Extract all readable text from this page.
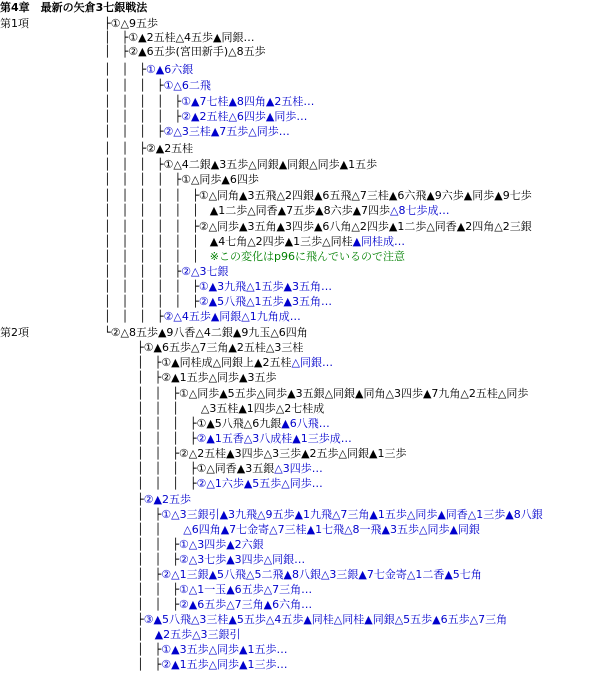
第4章　最新の矢倉3七銀戦法
第1項	├①△9五歩
│　├①▲2五桂△4五歩▲同銀…
│　├②▲6五歩(宮田新手)△8五歩
│　│　├①▲6六銀
│　│　│　├①△6二飛
│　│　│　│　├①▲7七桂▲8四角▲2五桂…
│　│　│　│　├②▲2五桂△6四歩▲同歩…
│　│　│　├②△3三桂▲7五歩△同歩…
│　│　├②▲2五桂
│　│　│　├①△4二銀▲3五歩△同銀▲同銀△同歩▲1五歩
│　│　│　│　├①△同歩▲6四歩
│　│　│　│　│　├①△同角▲3五飛△2四銀▲6五飛△7三桂▲6六飛▲9六歩▲同歩▲9七歩
│　│　│　│　│　│　▲1二歩△同香▲7五歩▲8六歩▲7四歩△8七歩成…
│　│　│　│　│　├②△同歩▲3五角▲3四歩▲6八角△2四歩▲1二歩△同香▲2四角△2三銀
│　│　│　│　│　│　▲4七角△2四歩▲1三歩△同桂▲同桂成…
│　│　│　│　│　│　※この変化はp96に飛んでいるので注意
│　│　│　│　├②△3七銀
│　│　│　│　│　├①▲3九飛△1五歩▲3五角…
│　│　│　│　│　├②▲5八飛△1五歩▲3五角…
│　│　│　├②△4五歩▲同銀△1九角成…
第2項	└②△8五歩▲9八香△4二銀▲9九玉△6四角
　　　├①▲6五歩△7三角▲2五桂△3三桂
　　　│　├①▲同桂成△同銀上▲2五桂△同銀…
　　　│　├②▲1五歩△同歩▲3五歩
　　　│　│　├①△同歩▲5五歩△同歩▲3五銀△同銀▲同角△3四歩▲7九角△2五桂△同歩
　　　│　│　│　　△3五桂▲1四歩△2七桂成
　　　│　│　│　├①▲5八飛△6九銀▲6八飛…
　　　│　│　│　├②▲1五香△3八成桂▲1三歩成…
　　　│　│　├②△2五桂▲3四歩△3三歩▲2五歩△同銀▲1三歩
　　　│　│　│　├①△同香▲3五銀△3四歩…
　　　│　│　│　├②△1六歩▲5五歩△同歩…
　　　├②▲2五歩
　　　│　├①△3三銀引▲3九飛△9五歩▲1九飛△7三角▲1五歩△同歩▲同香△1三歩▲8八銀
　　　│　│　　△6四角▲7七金寄△7三桂▲1七飛△8一飛▲3五歩△同歩▲同銀
　　　│　│　├①△3四歩▲2六銀
　　　│　│　├②△3七歩▲3四歩△同銀…
　　　│　├②△1三銀▲5八飛△5二飛▲8八銀△3三銀▲7七金寄△1二香▲5七角
　　　│　│　├①△1一玉▲6五歩△7三角…
　　　│　│　├②▲6五歩△7三角▲6六角…
　　　├③▲5八飛△3三桂▲5五歩△4五歩▲同桂△同桂▲同銀△5五歩▲6五歩△7三角
　　　│　▲2五歩△3三銀引
　　　│　├①▲3五歩△同歩▲1五歩…
　　　│　├②▲1五歩△同歩▲1三歩…
